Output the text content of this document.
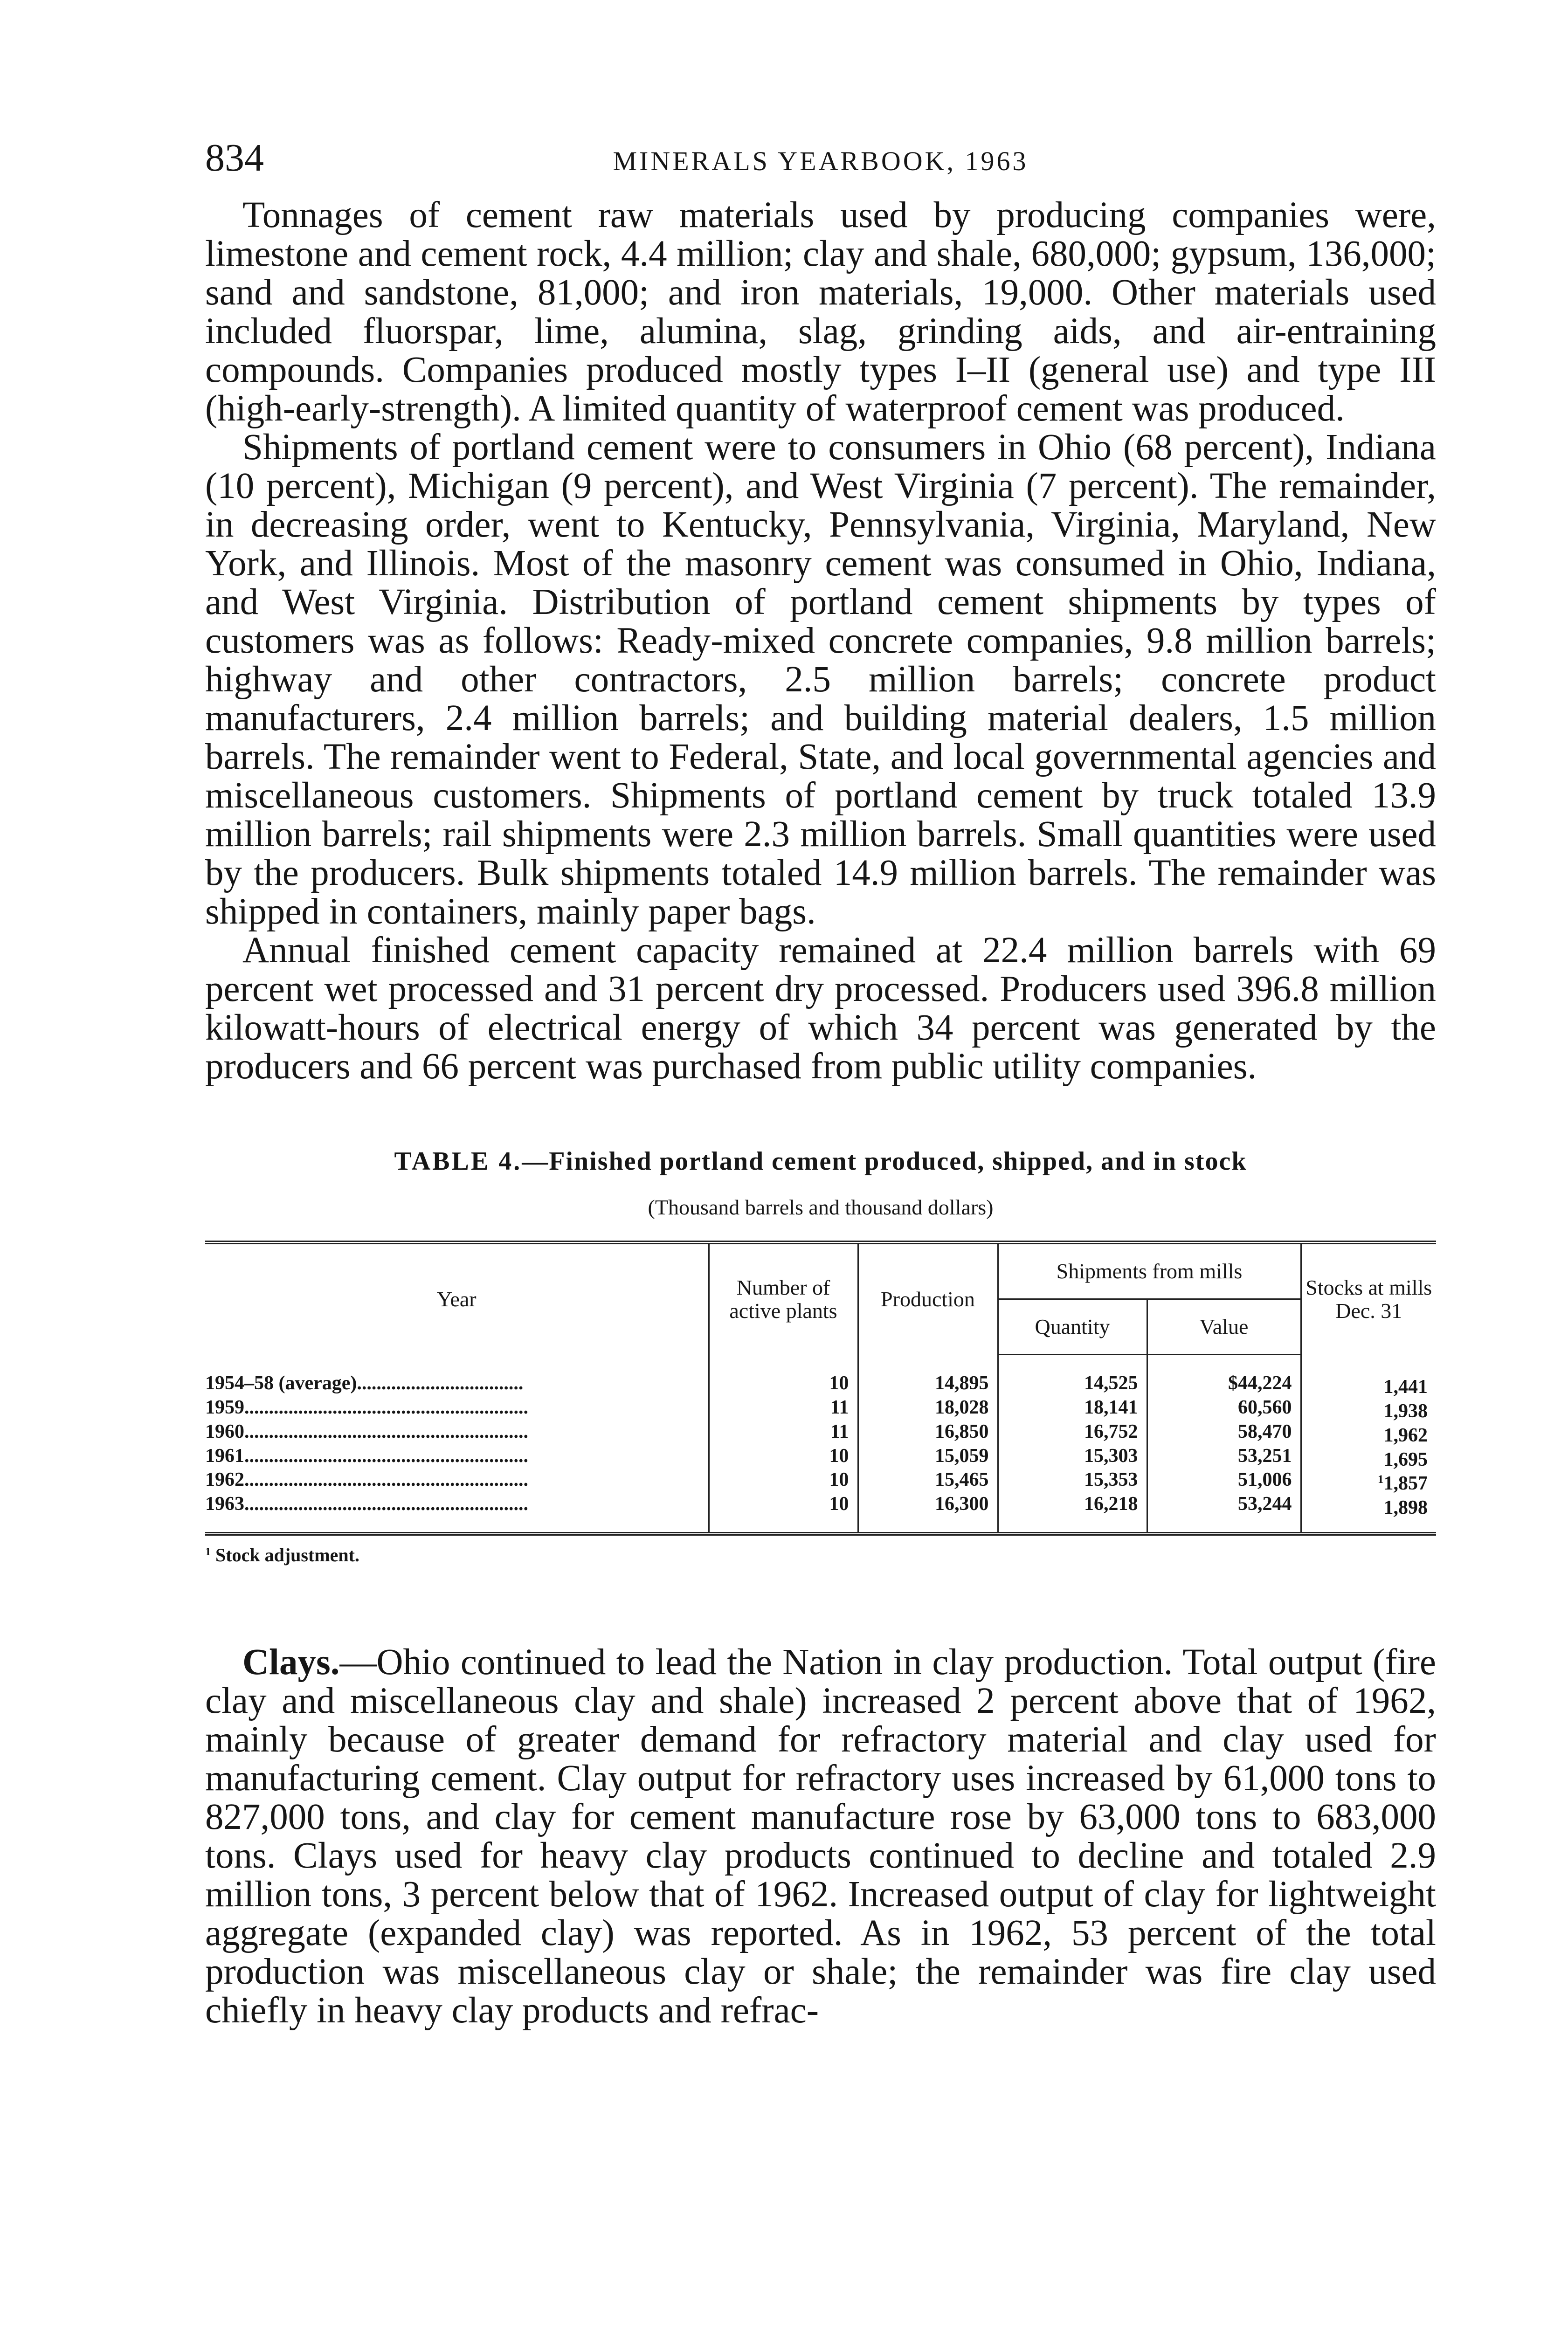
834	MINERALS YEARBOOK, 1963

Tonnages of cement raw materials used by producing companies were, limestone and cement rock, 4.4 million; clay and shale, 680,000; gypsum, 136,000; sand and sandstone, 81,000; and iron materials, 19,000. Other materials used included fluorspar, lime, alumina, slag, grinding aids, and air-entraining compounds. Companies produced mostly types I–II (general use) and type III (high-early-strength). A limited quantity of waterproof cement was produced.

Shipments of portland cement were to consumers in Ohio (68 percent), Indiana (10 percent), Michigan (9 percent), and West Virginia (7 percent). The remainder, in decreasing order, went to Kentucky, Pennsylvania, Virginia, Maryland, New York, and Illinois. Most of the masonry cement was consumed in Ohio, Indiana, and West Virginia. Distribution of portland cement shipments by types of customers was as follows: Ready-mixed concrete companies, 9.8 million barrels; highway and other contractors, 2.5 million barrels; concrete product manufacturers, 2.4 million barrels; and building material dealers, 1.5 million barrels. The remainder went to Federal, State, and local governmental agencies and miscellaneous customers. Shipments of portland cement by truck totaled 13.9 million barrels; rail shipments were 2.3 million barrels. Small quantities were used by the producers. Bulk shipments totaled 14.9 million barrels. The remainder was shipped in containers, mainly paper bags.

Annual finished cement capacity remained at 22.4 million barrels with 69 percent wet processed and 31 percent dry processed. Producers used 396.8 million kilowatt-hours of electrical energy of which 34 percent was generated by the producers and 66 percent was purchased from public utility companies.

TABLE 4.—Finished portland cement produced, shipped, and in stock
(Thousand barrels and thousand dollars)
Year	Number of active plants	Production	Shipments from mills		Stocks at mills Dec. 31
			Quantity	Value	

1954–58 (average)..................................	10	14,895	14,525	$44,224	1,441
1959..........................................................	11	18,028	18,141	60,560	1,938
1960..........................................................	11	16,850	16,752	58,470	1,962
1961..........................................................	10	15,059	15,303	53,251	1,695
1962..........................................................	10	15,465	15,353	51,006	$^1$1,857
1963..........................................................	10	16,300	16,218	53,244	1,898

$^1$ Stock adjustment.

Clays.—Ohio continued to lead the Nation in clay production. Total output (fire clay and miscellaneous clay and shale) increased 2 percent above that of 1962, mainly because of greater demand for refractory material and clay used for manufacturing cement. Clay output for refractory uses increased by 61,000 tons to 827,000 tons, and clay for cement manufacture rose by 63,000 tons to 683,000 tons. Clays used for heavy clay products continued to decline and totaled 2.9 million tons, 3 percent below that of 1962. Increased output of clay for lightweight aggregate (expanded clay) was reported. As in 1962, 53 percent of the total production was miscellaneous clay or shale; the remainder was fire clay used chiefly in heavy clay products and refrac-
